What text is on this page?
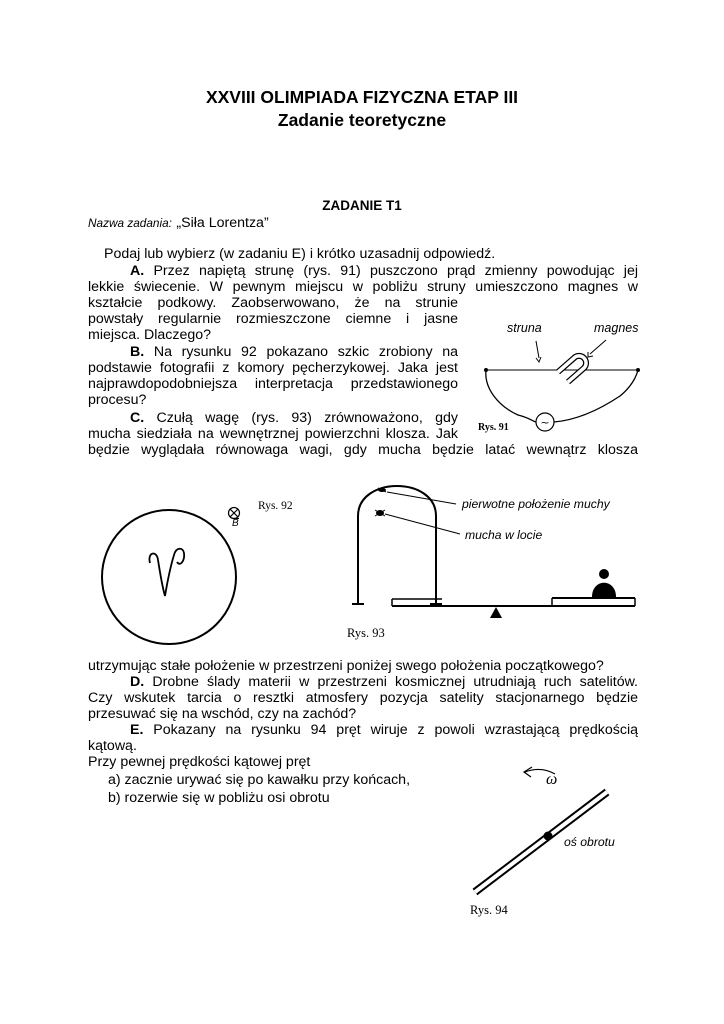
XXVIII OLIMPIADA FIZYCZNA ETAP III
Zadanie teoretyczne
ZADANIE T1
Nazwa zadania: „Siła Lorentza”
Podaj lub wybierz (w zadaniu E) i krótko uzasadnij odpowiedź.
A. Przez napiętą strunę (rys. 91) puszczono prąd zmienny powodując jej
lekkie świecenie. W pewnym miejscu w pobliżu struny umieszczono magnes w
kształcie podkowy. Zaobserwowano, że na strunie
powstały regularnie rozmieszczone ciemne i jasne
miejsca. Dlaczego?
B. Na rysunku 92 pokazano szkic zrobiony na
podstawie fotografii z komory pęcherzykowej. Jaka jest
najprawdopodobniejsza interpretacja przedstawionego
procesu?
C. Czułą wagę (rys. 93) zrównoważono, gdy
mucha siedziała na wewnętrznej powierzchni klosza. Jak
będzie wyglądała równowaga wagi, gdy mucha będzie latać wewnątrz klosza
~
struna	magnes
Rys. 91
B
Rys. 92	pierwotne położenie muchy
mucha w locie
Rys. 93
utrzymując stałe położenie w przestrzeni poniżej swego położenia początkowego?
D. Drobne ślady materii w przestrzeni kosmicznej utrudniają ruch satelitów.
Czy wskutek tarcia o resztki atmosfery pozycja satelity stacjonarnego będzie
przesuwać się na wschód, czy na zachód?
E. Pokazany na rysunku 94 pręt wiruje z powoli wzrastającą prędkością
kątową.
Przy pewnej prędkości kątowej pręt
a) zacznie urywać się po kawałku przy końcach,
b) rozerwie się w pobliżu osi obrotu
ω
oś obrotu
Rys. 94
